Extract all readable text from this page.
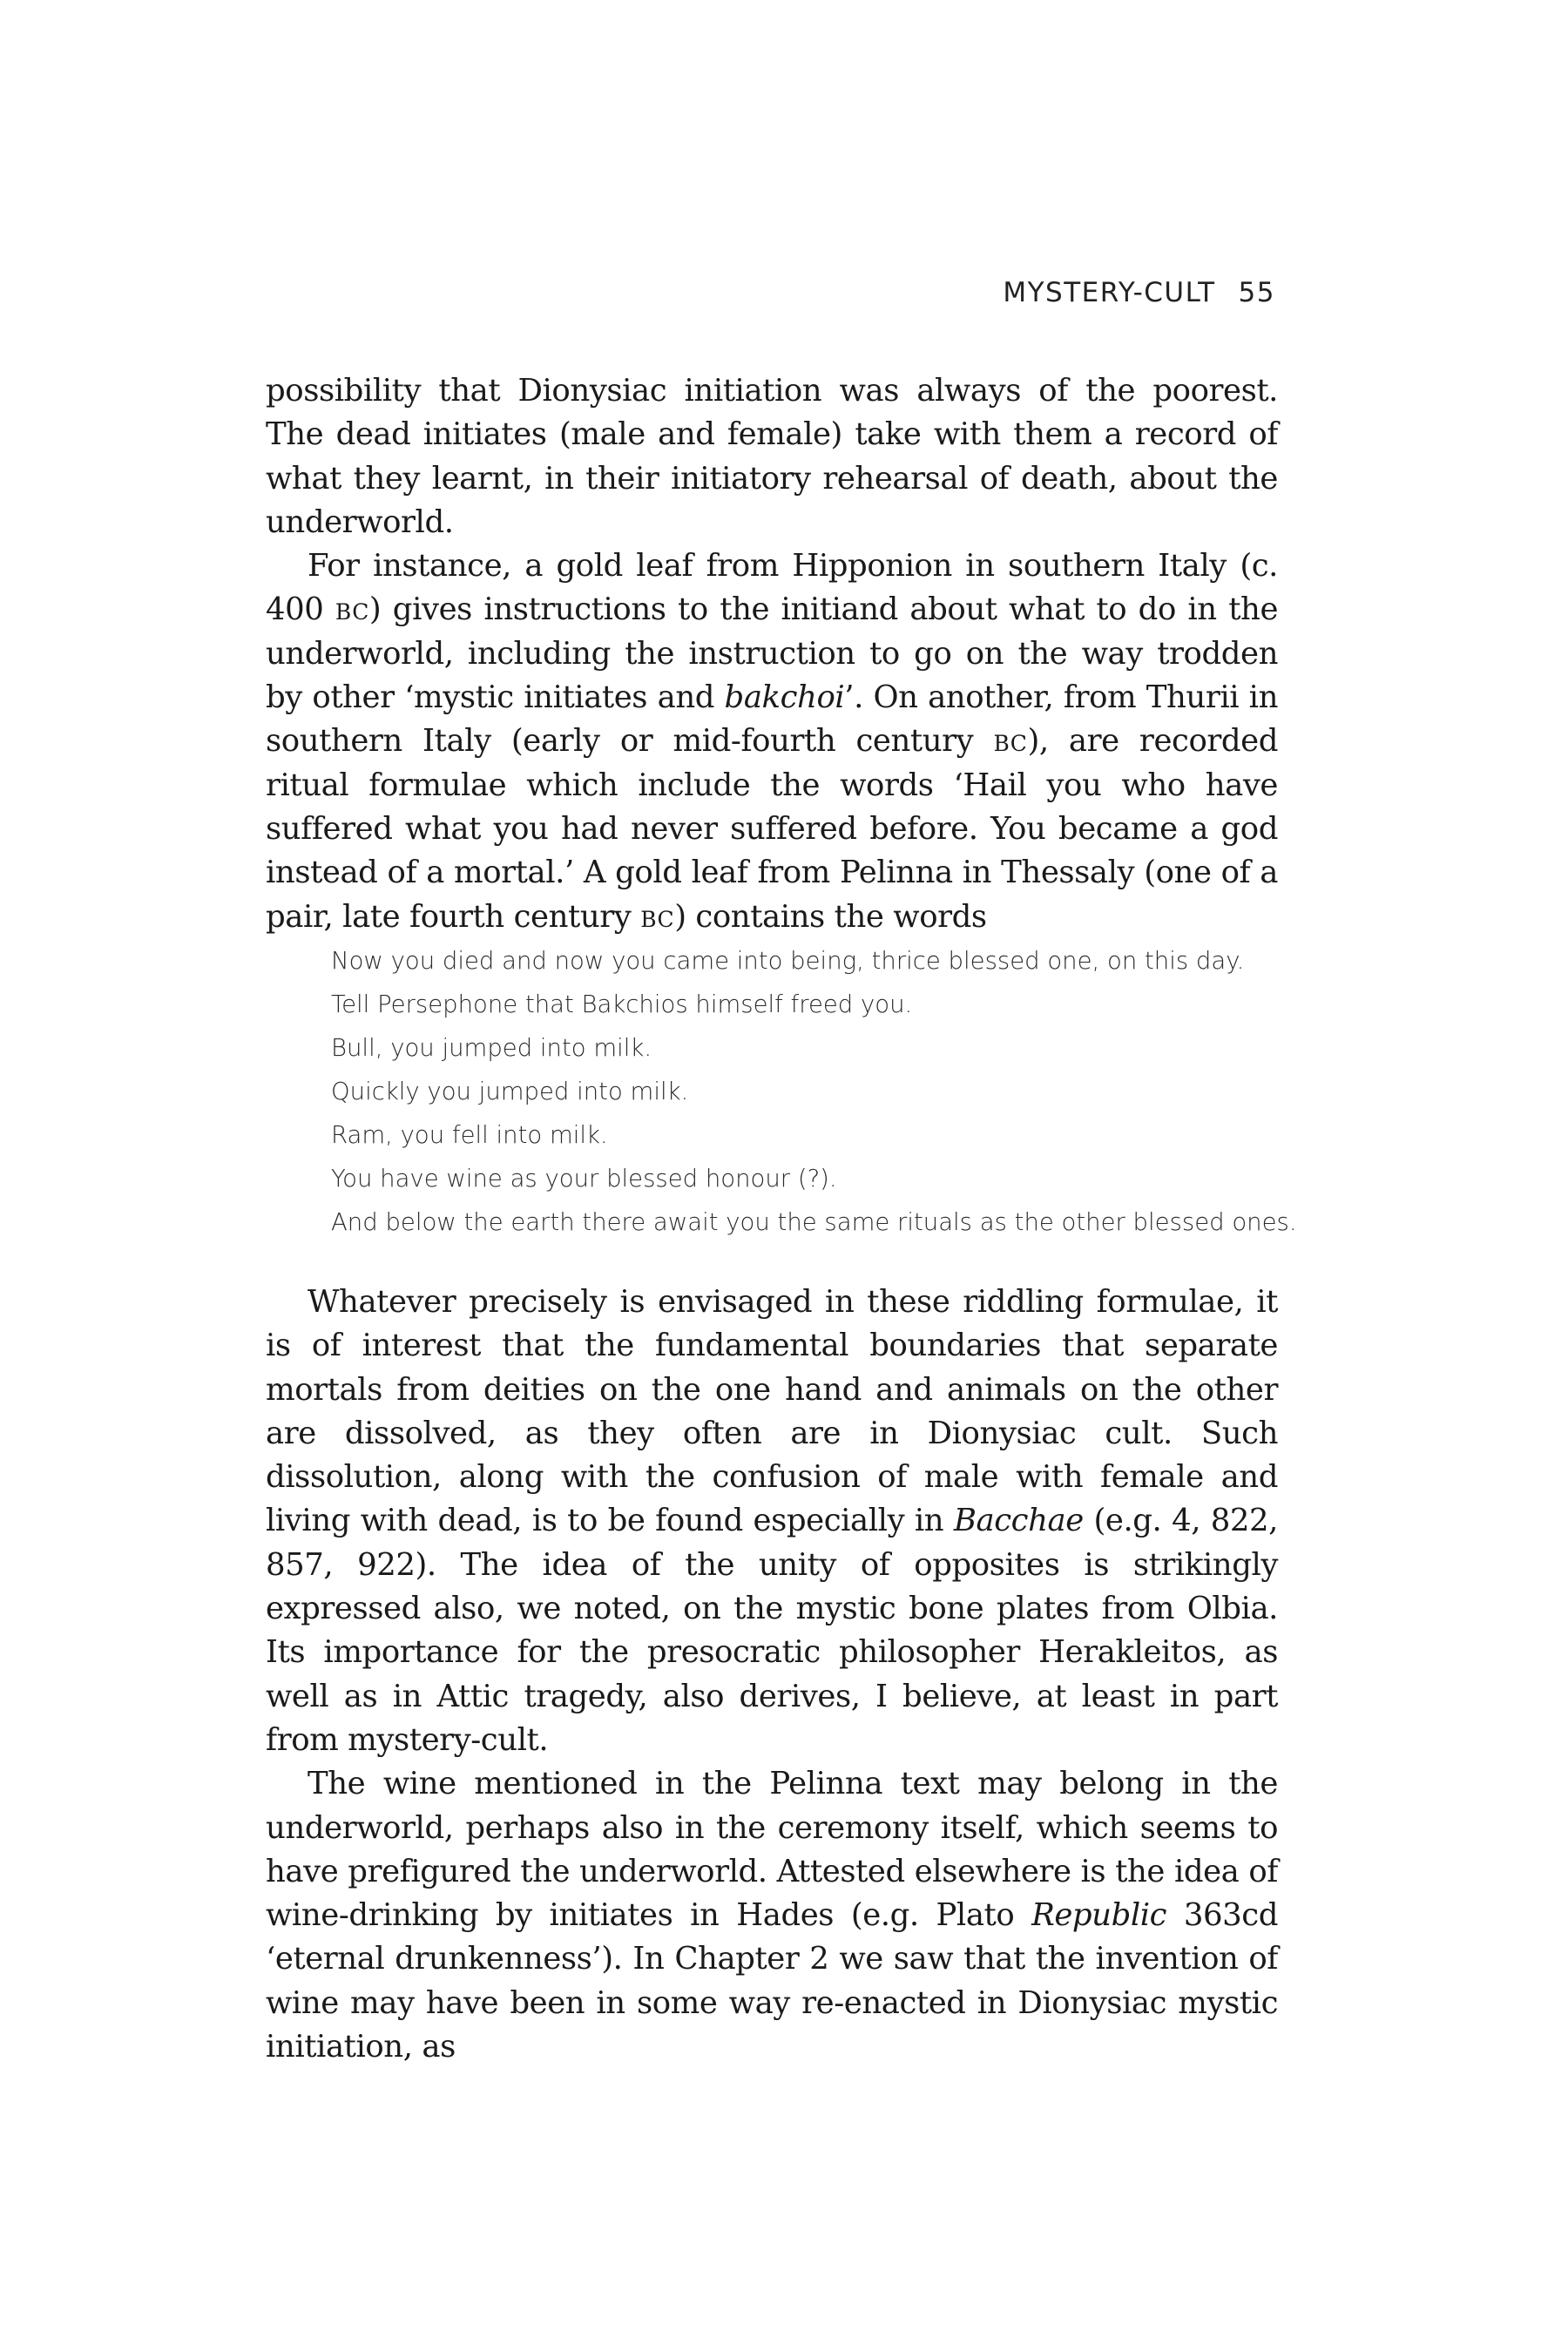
MYSTERY-CULT 55

possibility that Dionysiac initiation was always of the poorest. The dead initiates (male and female) take with them a record of what they learnt, in their initiatory rehearsal of death, about the underworld.

For instance, a gold leaf from Hipponion in southern Italy (c. 400 bc) gives instructions to the initiand about what to do in the underworld, including the instruction to go on the way trodden by other ‘mystic initiates and bakchoi’. On another, from Thurii in southern Italy (early or mid-fourth century bc), are recorded ritual formulae which include the words ‘Hail you who have suffered what you had never suffered before. You became a god instead of a mortal.’ A gold leaf from Pelinna in Thessaly (one of a pair, late fourth century bc) contains the words

Now you died and now you came into being, thrice blessed one, on this day.
Tell Persephone that Bakchios himself freed you.
Bull, you jumped into milk.
Quickly you jumped into milk.
Ram, you fell into milk.
You have wine as your blessed honour (?).
And below the earth there await you the same rituals as the other blessed ones.

Whatever precisely is envisaged in these riddling formulae, it is of interest that the fundamental boundaries that separate mortals from deities on the one hand and animals on the other are dissolved, as they often are in Dionysiac cult. Such dissolution, along with the confusion of male with female and living with dead, is to be found especially in Bacchae (e.g. 4, 822, 857, 922). The idea of the unity of opposites is strikingly expressed also, we noted, on the mystic bone plates from Olbia. Its importance for the presocratic philosopher Herakleitos, as well as in Attic tragedy, also derives, I believe, at least in part from mystery-cult.

The wine mentioned in the Pelinna text may belong in the underworld, perhaps also in the ceremony itself, which seems to have prefigured the underworld. Attested elsewhere is the idea of wine-drinking by initiates in Hades (e.g. Plato Republic 363cd ‘eternal drunkenness’). In Chapter 2 we saw that the invention of wine may have been in some way re-enacted in Dionysiac mystic initiation, as
